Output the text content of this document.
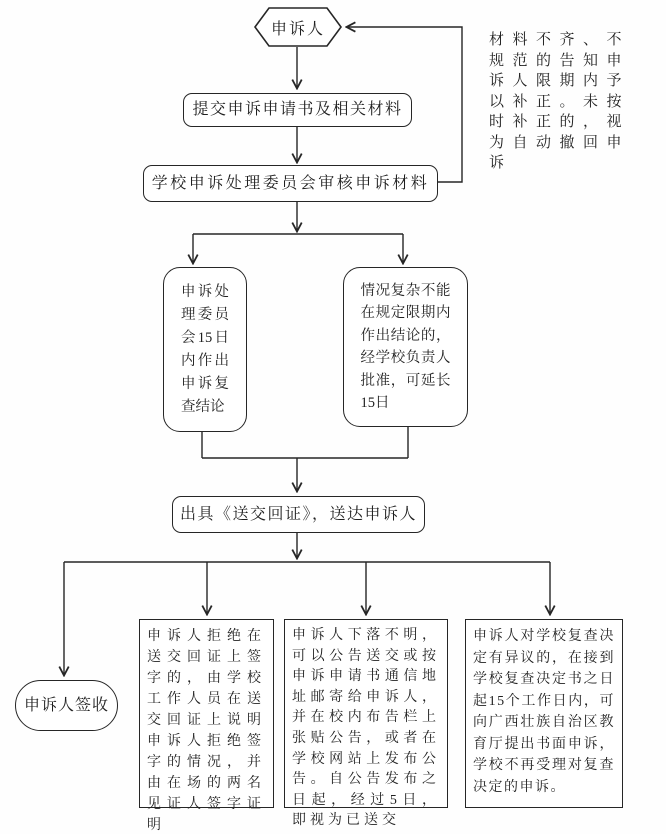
申诉人
提交申诉申请书及相关材料
学校申诉处理委员会审核申诉材料
材料不齐、不规范的告知申诉人限期内予以补正。未按时补正的，视为自动撤回申诉
申诉处理委员会15日内作出申诉复查结论
情况复杂不能在规定限期内作出结论的，经学校负责人批准，可延长15日
出具《送交回证》，送达申诉人
申诉人签收
申诉人拒绝在送交回证上签字的，由学校工作人员在送交回证上说明申诉人拒绝签字的情况，并由在场的两名见证人签字证明
申诉人下落不明，可以公告送交或按申诉申请书通信地址邮寄给申诉人，并在校内布告栏上张贴公告，或者在学校网站上发布公告。自公告发布之日起，经过5日，即视为已送交
申诉人对学校复查决定有异议的，在接到学校复查决定书之日起15个工作日内，可向广西壮族自治区教育厅提出书面申诉，学校不再受理对复查决定的申诉。
